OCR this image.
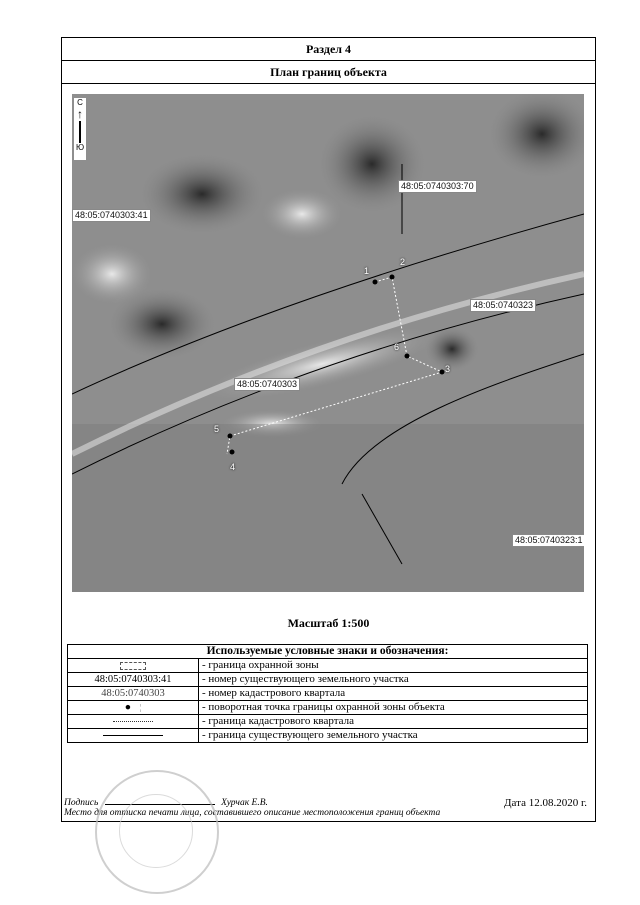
Раздел 4
План границ объекта
С
↑
Ю
48:05:0740303:70
48:05:0740303:41
48:05:0740323
48:05:0740303
48:05:0740323:1
1
2
3
4
5
6
Масштаб 1:500
Используемые условные знаки и обозначения:	
	- граница охранной зоны
48:05:0740303:41	- номер существующего земельного участка
48:05:0740303	- номер кадастрового квартала
● ¦	- поворотная точка границы охранной зоны объекта
	- граница кадастрового квартала
	- граница существующего земельного участка
Подпись	Хурчак Е.В.
Место для оттиска печати лица, составившего описание местоположения границ объекта
Дата 12.08.2020 г.
